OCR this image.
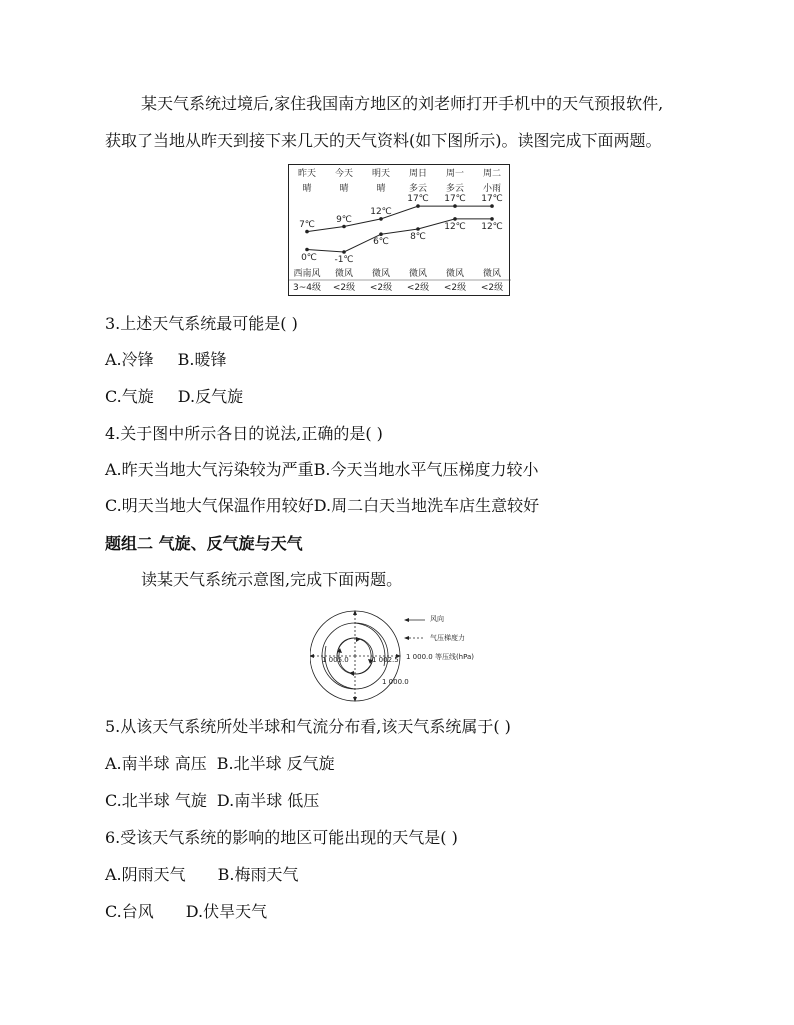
某天气系统过境后,家住我国南方地区的刘老师打开手机中的天气预报软件,
获取了当地从昨天到接下来几天的天气资料(如下图所示)。读图完成下面两题。
昨天	今天	明天	周日	周一	周二
晴	晴	晴	多云	多云	小雨
西南风	微风	微风	微风	微风	微风
3~4级	<2级	<2级	<2级	<2级	<2级
7℃
9℃
12℃
17℃	17℃	17℃
0℃	-1℃
6℃
8℃
12℃	12℃
3.上述天气系统最可能是( )
A.冷锋 B.暖锋
C.气旋 D.反气旋
4.关于图中所示各日的说法,正确的是( )
A.昨天当地大气污染较为严重B.今天当地水平气压梯度力较小
C.明天当地大气保温作用较好D.周二白天当地洗车店生意较好
题组二 气旋、反气旋与天气
读某天气系统示意图,完成下面两题。
风向
气压梯度力
1 000.0 等压线(hPa)
1 005.0	1 002.5
1 000.0
5.从该天气系统所处半球和气流分布看,该天气系统属于( )
A.南半球 高压 B.北半球 反气旋
C.北半球 气旋 D.南半球 低压
6.受该天气系统的影响的地区可能出现的天气是( )
A.阴雨天气 B.梅雨天气
C.台风 D.伏旱天气
